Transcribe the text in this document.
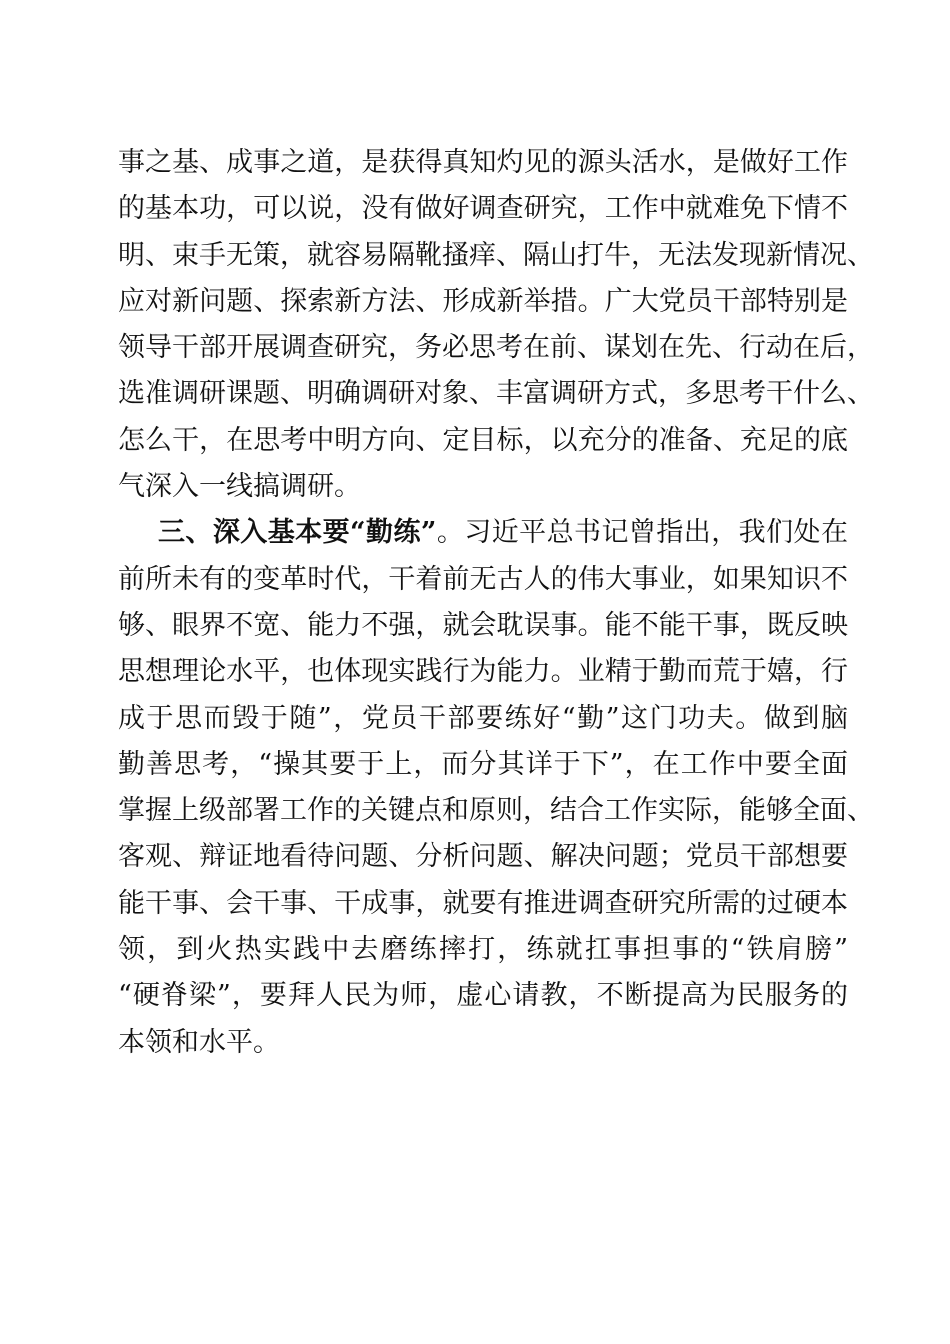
事之基、成事之道，是获得真知灼见的源头活水，是做好工作
的基本功，可以说，没有做好调查研究，工作中就难免下情不
明、束手无策，就容易隔靴搔痒、隔山打牛，无法发现新情况、
应对新问题、探索新方法、形成新举措。广大党员干部特别是
领导干部开展调查研究，务必思考在前、谋划在先、行动在后，
选准调研课题、明确调研对象、丰富调研方式，多思考干什么、
怎么干，在思考中明方向、定目标，以充分的准备、充足的底
气深入一线搞调研。
三、深入基本要“勤练”。习近平总书记曾指出，我们处在
前所未有的变革时代，干着前无古人的伟大事业，如果知识不
够、眼界不宽、能力不强，就会耽误事。能不能干事，既反映
思想理论水平，也体现实践行为能力。业精于勤而荒于嬉，行
成于思而毁于随”，党员干部要练好“勤”这门功夫。做到脑
勤善思考，“操其要于上，而分其详于下”，在工作中要全面
掌握上级部署工作的关键点和原则，结合工作实际，能够全面、
客观、辩证地看待问题、分析问题、解决问题；党员干部想要
能干事、会干事、干成事，就要有推进调查研究所需的过硬本
领，到火热实践中去磨练摔打，练就扛事担事的“铁肩膀”
“硬脊梁”，要拜人民为师，虚心请教，不断提高为民服务的
本领和水平。
